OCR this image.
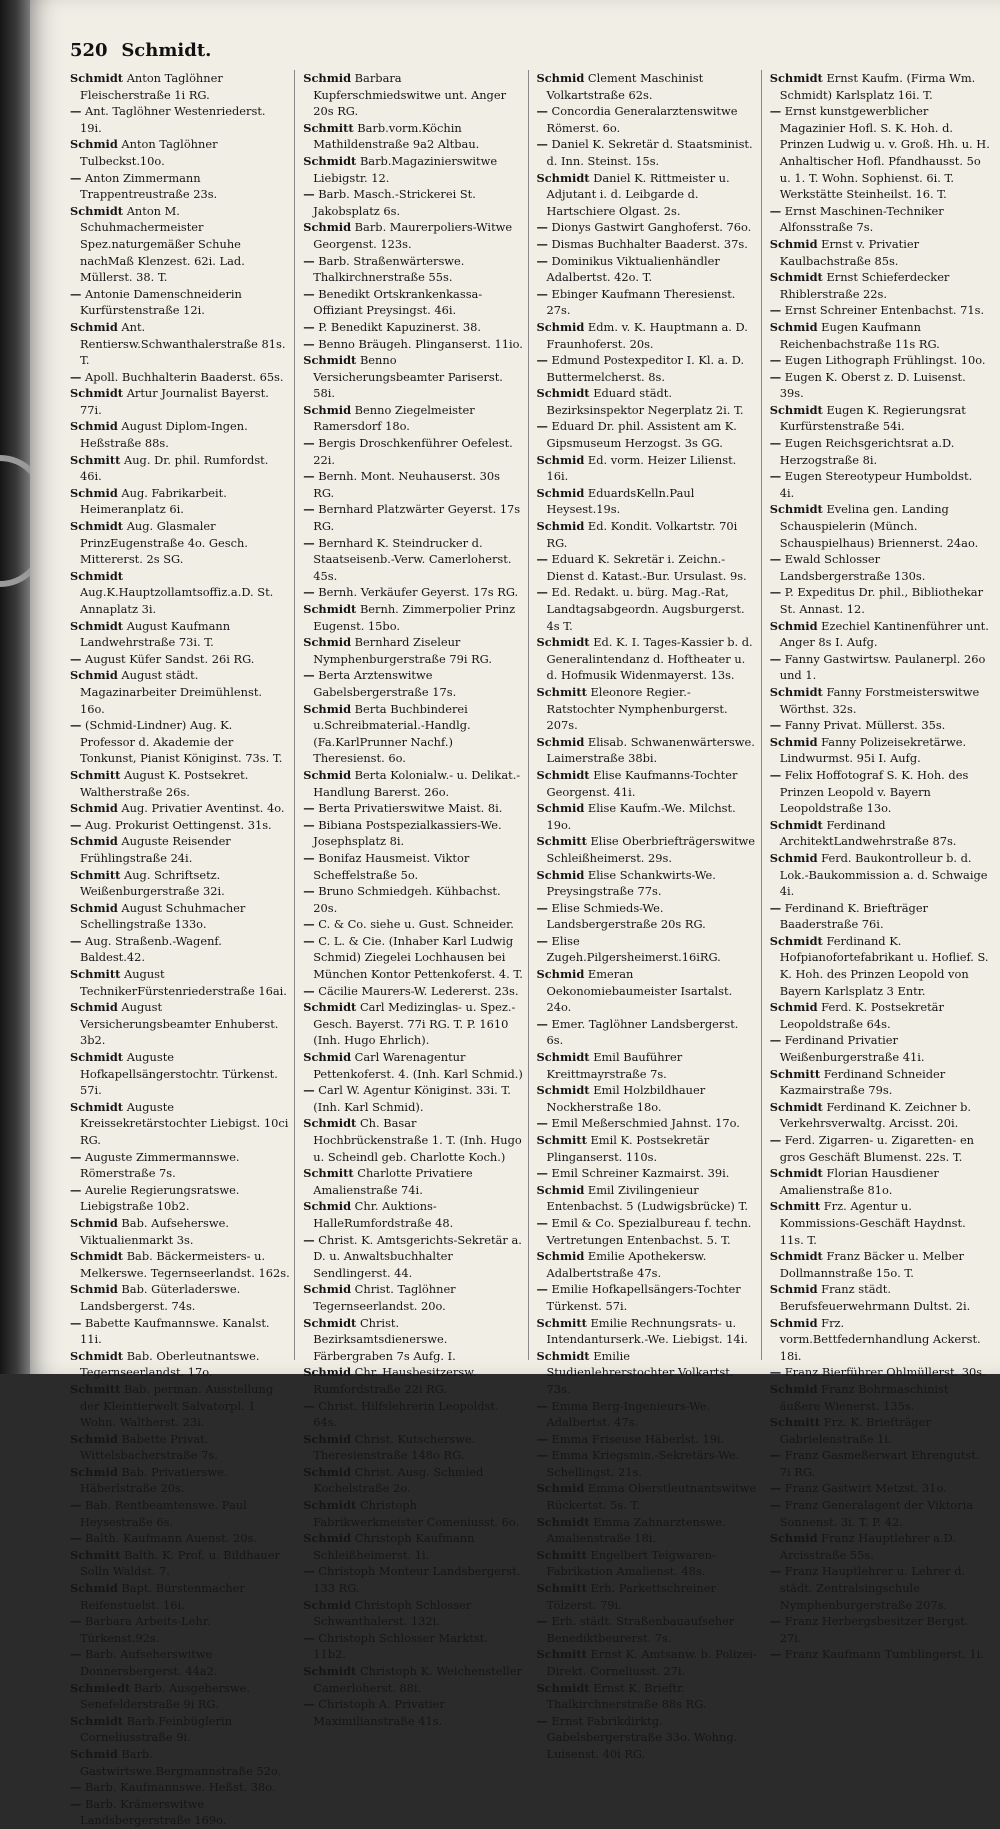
520 Schmidt.

Schmidt Anton Taglöhner Fleischerstraße 1i RG.

— Ant. Taglöhner Westenriederst. 19i.

Schmid Anton Taglöhner Tulbeckst.10o.

— Anton Zimmermann Trappentreustraße 23s.

Schmidt Anton M. Schuhmachermeister Spez.naturgemäßer Schuhe nachMaß Klenzest. 62i. Lad. Müllerst. 38. T.

— Antonie Damenschneiderin Kurfürstenstraße 12i.

Schmid Ant. Rentiersw.Schwanthalerstraße 81s. T.

— Apoll. Buchhalterin Baaderst. 65s.

Schmidt Artur Journalist Bayerst. 77i.

Schmid August Diplom-Ingen. Heßstraße 88s.

Schmitt Aug. Dr. phil. Rumfordst. 46i.

Schmid Aug. Fabrikarbeit. Heimeranplatz 6i.

Schmidt Aug. Glasmaler PrinzEugenstraße 4o. Gesch. Mittererst. 2s SG.

Schmidt Aug.K.Hauptzollamtsoffiz.a.D. St. Annaplatz 3i.

Schmidt August Kaufmann Landwehrstraße 73i. T.

— August Küfer Sandst. 26i RG.

Schmid August städt. Magazinarbeiter Dreimühlenst. 16o.

— (Schmid-Lindner) Aug. K. Professor d. Akademie der Tonkunst, Pianist Königinst. 73s. T.

Schmitt August K. Postsekret. Waltherstraße 26s.

Schmid Aug. Privatier Aventinst. 4o.

— Aug. Prokurist Oettingenst. 31s.

Schmid Auguste Reisender Frühlingstraße 24i.

Schmitt Aug. Schriftsetz. Weißenburgerstraße 32i.

Schmid August Schuhmacher Schellingstraße 133o.

— Aug. Straßenb.-Wagenf. Baldest.42.

Schmitt August TechnikerFürstenriederstraße 16ai.

Schmid August Versicherungsbeamter Enhuberst. 3b2.

Schmidt Auguste Hofkapellsängerstochtr. Türkenst. 57i.

Schmidt Auguste Kreissekretärstochter Liebigst. 10ci RG.

— Auguste Zimmermannswe. Römerstraße 7s.

— Aurelie Regierungsratswe. Liebigstraße 10b2.

Schmid Bab. Aufseherswe. Viktualienmarkt 3s.

Schmidt Bab. Bäckermeisters- u. Melkerswe. Tegernseerlandst. 162s.

Schmid Bab. Güterladerswe. Landsbergerst. 74s.

— Babette Kaufmannswe. Kanalst. 11i.

Schmidt Bab. Oberleutnantswe. Tegernseerlandst. 17o.

Schmitt Bab. perman. Ausstellung der Kleintierwelt Salvatorpl. 1 Wohn. Waltherst. 23i.

Schmid Babette Privat. Wittelsbacherstraße 7s.

Schmid Bab. Privatierswe. Häberlstraße 20s.

— Bab. Rentbeamtenswe. Paul Heysestraße 6s.

— Balth. Kaufmann Auenst. 20s.

Schmitt Balth. K. Prof. u. Bildhauer Solln Waldst. 7.

Schmid Bapt. Bürstenmacher Reifenstuelst. 16i.

— Barbara Arbeits-Lehr. Türkenst.92s.

— Barb. Aufseherswitwe Donnersbergerst. 44a2.

Schmiedt Barb. Ausgeherswe. Senefelderstraße 9i RG.

Schmidt Barb.Feinbüglerin Corneliusstraße 9i.

Schmid Barb. Gastwirtswe.Bergmannstraße 52o.

— Barb. Kaufmannswe. Heßst. 38o.

— Barb. Krämerswitwe Landsbergerstraße 169o.

Schmid Barbara Kupferschmiedswitwe unt. Anger 20s RG.

Schmitt Barb.vorm.Köchin Mathildenstraße 9a2 Altbau.

Schmidt Barb.Magazinierswitwe Liebigstr. 12.

— Barb. Masch.-Strickerei St. Jakobsplatz 6s.

Schmid Barb. Maurerpoliers-Witwe Georgenst. 123s.

— Barb. Straßenwärterswe. Thalkirchnerstraße 55s.

— Benedikt Ortskrankenkassa-Offiziant Preysingst. 46i.

— P. Benedikt Kapuzinerst. 38.

— Benno Bräugeh. Plinganserst. 11io.

Schmidt Benno Versicherungsbeamter Pariserst. 58i.

Schmid Benno Ziegelmeister Ramersdorf 18o.

— Bergis Droschkenführer Oefelest. 22i.

— Bernh. Mont. Neuhauserst. 30s RG.

— Bernhard Platzwärter Geyerst. 17s RG.

— Bernhard K. Steindrucker d. Staatseisenb.-Verw. Camerloherst. 45s.

— Bernh. Verkäufer Geyerst. 17s RG.

Schmidt Bernh. Zimmerpolier Prinz Eugenst. 15bo.

Schmid Bernhard Ziseleur Nymphenburgerstraße 79i RG.

— Berta Arztenswitwe Gabelsbergerstraße 17s.

Schmid Berta Buchbinderei u.Schreibmaterial.-Handlg. (Fa.KarlPrunner Nachf.) Theresienst. 6o.

Schmid Berta Kolonialw.- u. Delikat.-Handlung Barerst. 26o.

— Berta Privatierswitwe Maist. 8i.

— Bibiana Postspezialkassiers-We. Josephsplatz 8i.

— Bonifaz Hausmeist. Viktor Scheffelstraße 5o.

— Bruno Schmiedgeh. Kühbachst. 20s.

— C. & Co. siehe u. Gust. Schneider.

— C. L. & Cie. (Inhaber Karl Ludwig Schmid) Ziegelei Lochhausen bei München Kontor Pettenkoferst. 4. T.

— Cäcilie Maurers-W. Ledererst. 23s.

Schmidt Carl Medizinglas- u. Spez.-Gesch. Bayerst. 77i RG. T. P. 1610 (Inh. Hugo Ehrlich).

Schmid Carl Warenagentur Pettenkoferst. 4. (Inh. Karl Schmid.)

— Carl W. Agentur Königinst. 33i. T. (Inh. Karl Schmid).

Schmidt Ch. Basar Hochbrückenstraße 1. T. (Inh. Hugo u. Scheindl geb. Charlotte Koch.)

Schmitt Charlotte Privatiere Amalienstraße 74i.

Schmid Chr. Auktions-HalleRumfordstraße 48.

— Christ. K. Amtsgerichts-Sekretär a. D. u. Anwaltsbuchhalter Sendlingerst. 44.

Schmid Christ. Taglöhner Tegernseerlandst. 20o.

Schmidt Christ. Bezirksamtsdienerswe. Färbergraben 7s Aufg. I.

Schmid Chr. Hausbesitzersw. Rumfordstraße 22i RG.

— Christ. Hilfslehrerin Leopoldst. 64s.

Schmid Christ. Kutscherswe. Theresienstraße 148o RG.

Schmid Christ. Ausg. Schmied Kochelstraße 2o.

Schmidt Christoph Fabrikwerkmeister Comeniusst. 6o.

Schmid Christoph Kaufmann Schleißheimerst. 1i.

— Christoph Monteur Landsbergerst. 133 RG.

Schmid Christoph Schlosser Schwanthalerst. 132i.

— Christoph Schlosser Marktst. 11b2.

Schmidt Christoph K. Weichensteller Camerloherst. 88i.

— Christoph A. Privatier Maximilianstraße 41s.

Schmid Clement Maschinist Volkartstraße 62s.

— Concordia Generalarztenswitwe Römerst. 6o.

— Daniel K. Sekretär d. Staatsminist. d. Inn. Steinst. 15s.

Schmidt Daniel K. Rittmeister u. Adjutant i. d. Leibgarde d. Hartschiere Olgast. 2s.

— Dionys Gastwirt Ganghoferst. 76o.

— Dismas Buchhalter Baaderst. 37s.

— Dominikus Viktualienhändler Adalbertst. 42o. T.

— Ebinger Kaufmann Theresienst. 27s.

Schmid Edm. v. K. Hauptmann a. D. Fraunhoferst. 20s.

— Edmund Postexpeditor I. Kl. a. D. Buttermelcherst. 8s.

Schmidt Eduard städt. Bezirksinspektor Negerplatz 2i. T.

— Eduard Dr. phil. Assistent am K. Gipsmuseum Herzogst. 3s GG.

Schmid Ed. vorm. Heizer Lilienst. 16i.

Schmid EduardsKelln.Paul Heysest.19s.

Schmid Ed. Kondit. Volkartstr. 70i RG.

— Eduard K. Sekretär i. Zeichn.-Dienst d. Katast.-Bur. Ursulast. 9s.

— Ed. Redakt. u. bürg. Mag.-Rat, Landtagsabgeordn. Augsburgerst. 4s T.

Schmidt Ed. K. I. Tages-Kassier b. d. Generalintendanz d. Hoftheater u. d. Hofmusik Widenmayerst. 13s.

Schmitt Eleonore Regier.-Ratstochter Nymphenburgerst. 207s.

Schmid Elisab. Schwanenwärterswe. Laimerstraße 38bi.

Schmidt Elise Kaufmanns-Tochter Georgenst. 41i.

Schmid Elise Kaufm.-We. Milchst. 19o.

Schmitt Elise Oberbriefträgerswitwe Schleißheimerst. 29s.

Schmid Elise Schankwirts-We. Preysingstraße 77s.

— Elise Schmieds-We. Landsbergerstraße 20s RG.

— Elise Zugeh.Pilgersheimerst.16iRG.

Schmid Emeran Oekonomiebaumeister Isartalst. 24o.

— Emer. Taglöhner Landsbergerst. 6s.

Schmidt Emil Bauführer Kreittmayrstraße 7s.

Schmidt Emil Holzbildhauer Nockherstraße 18o.

— Emil Meßerschmied Jahnst. 17o.

Schmitt Emil K. Postsekretär Plinganserst. 110s.

— Emil Schreiner Kazmairst. 39i.

Schmid Emil Zivilingenieur Entenbachst. 5 (Ludwigsbrücke) T.

— Emil & Co. Spezialbureau f. techn. Vertretungen Entenbachst. 5. T.

Schmid Emilie Apothekersw. Adalbertstraße 47s.

— Emilie Hofkapellsängers-Tochter Türkenst. 57i.

Schmitt Emilie Rechnungsrats- u. Intendanturserk.-We. Liebigst. 14i.

Schmidt Emilie Studienlehrerstochter Volkartst. 73s.

— Emma Berg-Ingenieurs-We. Adalbertst. 47s.

— Emma Friseuse Häberlst. 19i.

— Emma Kriegsmin.-Sekretärs-We. Schellingst. 21s.

Schmid Emma Oberstleutnantswitwe Rückertst. 5s. T.

Schmidt Emma Zahnarztenswe. Amalienstraße 18i.

Schmitt Engelbert Teigwaren-Fabrikation Amalienst. 48s.

Schmitt Erh. Parkettschreiner Tölzerst. 79i.

— Erh. städt. Straßenbauaufseher Benediktbeurerst. 7s.

Schmitt Ernst K. Amtsanw. b. Polizei-Direkt. Corneliusst. 27i.

Schmidt Ernst K. Brieftr. Thalkirchnerstraße 88s RG.

— Ernst Fabrikdirktg. Gabelsbergerstraße 33o. Wohng. Luisenst. 40i RG.

Schmidt Ernst Kaufm. (Firma Wm. Schmidt) Karlsplatz 16i. T.

— Ernst kunstgewerblicher Magazinier Hofl. S. K. Hoh. d. Prinzen Ludwig u. v. Groß. Hh. u. H. Anhaltischer Hofl. Pfandhausst. 5o u. 1. T. Wohn. Sophienst. 6i. T. Werkstätte Steinheilst. 16. T.

— Ernst Maschinen-Techniker Alfonsstraße 7s.

Schmid Ernst v. Privatier Kaulbachstraße 85s.

Schmidt Ernst Schieferdecker Rhiblerstraße 22s.

— Ernst Schreiner Entenbachst. 71s.

Schmid Eugen Kaufmann Reichenbachstraße 11s RG.

— Eugen Lithograph Frühlingst. 10o.

— Eugen K. Oberst z. D. Luisenst. 39s.

Schmidt Eugen K. Regierungsrat Kurfürstenstraße 54i.

— Eugen Reichsgerichtsrat a.D. Herzogstraße 8i.

— Eugen Stereotypeur Humboldst. 4i.

Schmidt Evelina gen. Landing Schauspielerin (Münch. Schauspielhaus) Briennerst. 24ao.

— Ewald Schlosser Landsbergerstraße 130s.

— P. Expeditus Dr. phil., Bibliothekar St. Annast. 12.

Schmid Ezechiel Kantinenführer unt. Anger 8s I. Aufg.

— Fanny Gastwirtsw. Paulanerpl. 26o und 1.

Schmidt Fanny Forstmeisterswitwe Wörthst. 32s.

— Fanny Privat. Müllerst. 35s.

Schmid Fanny Polizeisekretärwe. Lindwurmst. 95i I. Aufg.

— Felix Hoffotograf S. K. Hoh. des Prinzen Leopold v. Bayern Leopoldstraße 13o.

Schmidt Ferdinand ArchitektLandwehrstraße 87s.

Schmid Ferd. Baukontrolleur b. d. Lok.-Baukommission a. d. Schwaige 4i.

— Ferdinand K. Briefträger Baaderstraße 76i.

Schmidt Ferdinand K. Hofpianofortefabrikant u. Hoflief. S. K. Hoh. des Prinzen Leopold von Bayern Karlsplatz 3 Entr.

Schmid Ferd. K. Postsekretär Leopoldstraße 64s.

— Ferdinand Privatier Weißenburgerstraße 41i.

Schmitt Ferdinand Schneider Kazmairstraße 79s.

Schmidt Ferdinand K. Zeichner b. Verkehrsverwaltg. Arcisst. 20i.

— Ferd. Zigarren- u. Zigaretten- en gros Geschäft Blumenst. 22s. T.

Schmidt Florian Hausdiener Amalienstraße 81o.

Schmitt Frz. Agentur u. Kommissions-Geschäft Haydnst. 11s. T.

Schmidt Franz Bäcker u. Melber Dollmannstraße 15o. T.

Schmid Franz städt. Berufsfeuerwehrmann Dultst. 2i.

Schmid Frz. vorm.Bettfedernhandlung Ackerst. 18i.

— Franz Bierführer Ohlmüllerst. 30s.

Schmid Franz Bohrmaschinist äußere Wienerst. 135s.

Schmitt Frz. K. Briefträger Gabrielenstraße 1i.

— Franz Gasmeßerwart Ehrengutst. 7i RG.

— Franz Gastwirt Metzst. 31o.

— Franz Generalagent der Viktoria Sonnenst. 3i. T. P. 42.

Schmid Franz Hauptlehrer a.D. Arcisstraße 55s.

— Franz Hauptlehrer u. Lehrer d. städt. Zentralsingschule Nymphenburgerstraße 207s.

— Franz Herbergsbesitzer Bergst. 27i.

— Franz Kaufmann Tumblingerst. 1i.
